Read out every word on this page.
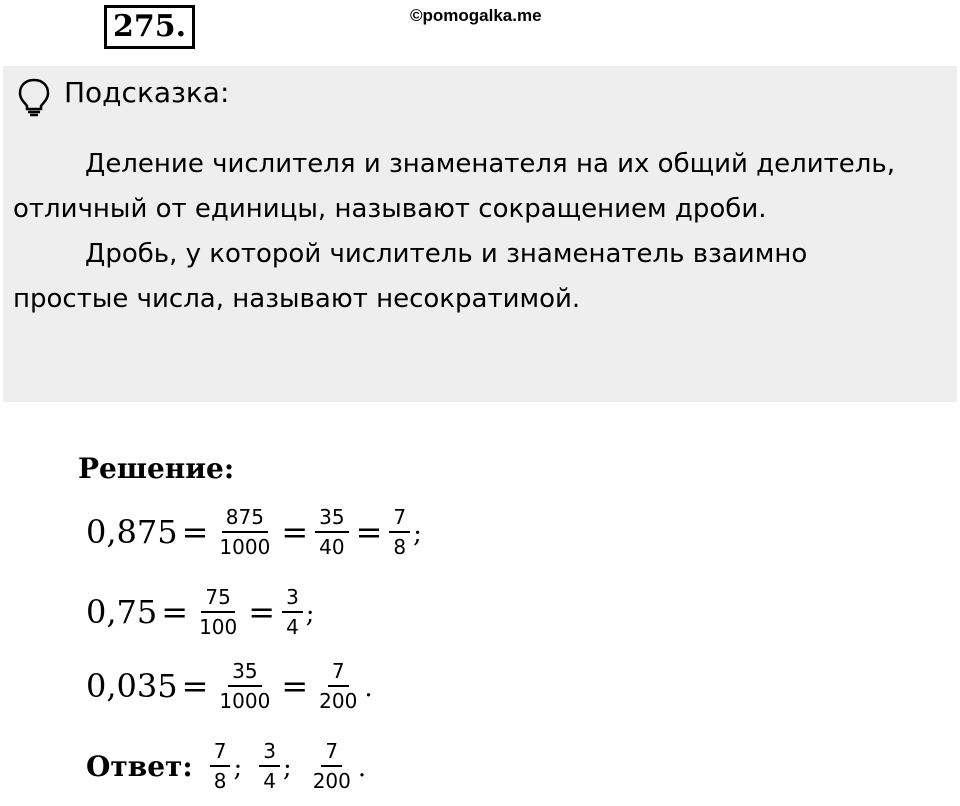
275.	©pomogalka.me
Подсказка:

Деление числителя и знаменателя на их общий делитель, отличный от единицы, называют сокращением дроби.

Дробь, у которой числитель и знаменатель взаимно простые числа, называют несократимой.

Решение:
$0,875 = \frac{875}{1000} = \frac{35}{40} = \frac{7}{8}$ ;
$0,75 = \frac{75}{100} = \frac{3}{4}$ ;
$0,035 = \frac{35}{1000} = \frac{7}{200}$ .
Ответ: $\frac{7}{8}$ ; $\frac{3}{4}$ ; $\frac{7}{200}$ .
